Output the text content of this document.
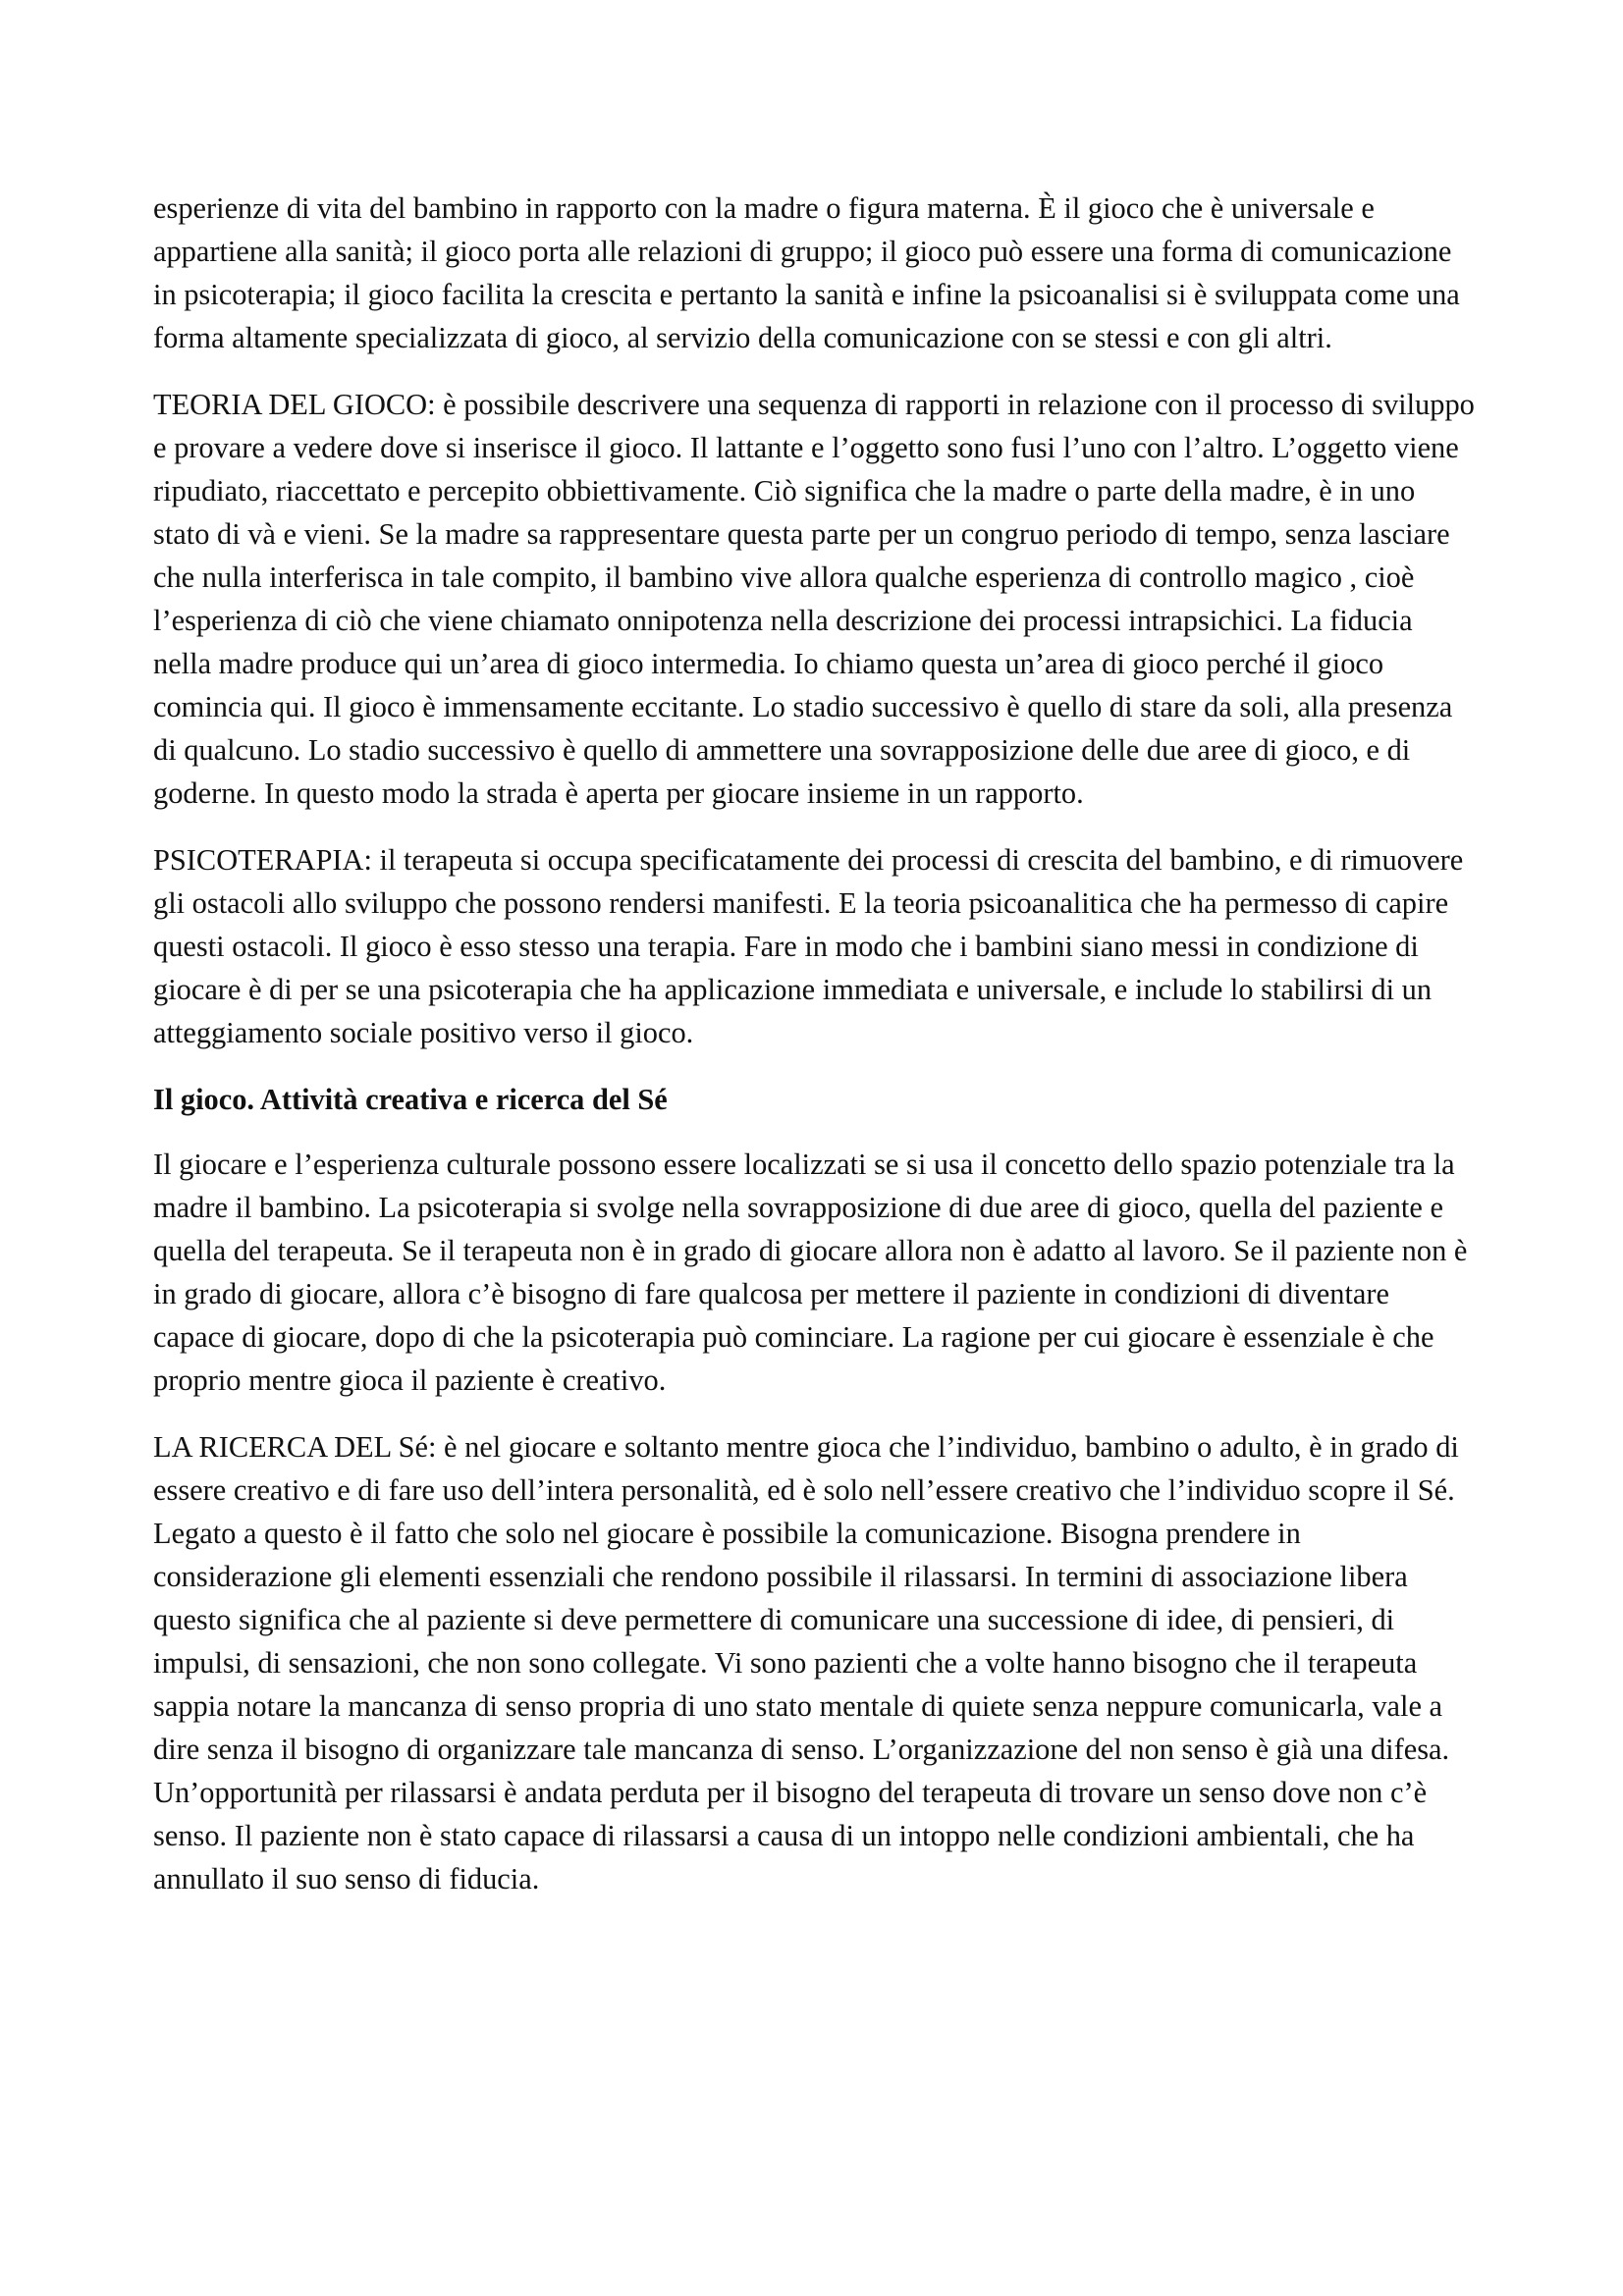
esperienze di vita del bambino in rapporto con la madre o figura materna. È il gioco che è universale e appartiene alla sanità; il gioco porta alle relazioni di gruppo; il gioco può essere una forma di comunicazione in psicoterapia; il gioco facilita la crescita e pertanto la sanità e infine la psicoanalisi si è sviluppata come una forma altamente specializzata di gioco, al servizio della comunicazione con se stessi e con gli altri.

TEORIA DEL GIOCO: è possibile descrivere una sequenza di rapporti in relazione con il processo di sviluppo e provare a vedere dove si inserisce il gioco. Il lattante e l’oggetto sono fusi l’uno con l’altro. L’oggetto viene ripudiato, riaccettato e percepito obbiettivamente. Ciò significa che la madre o parte della madre, è in uno stato di và e vieni. Se la madre sa rappresentare questa parte per un congruo periodo di tempo, senza lasciare che nulla interferisca in tale compito, il bambino vive allora qualche esperienza di controllo magico , cioè l’esperienza di ciò che viene chiamato onnipotenza nella descrizione dei processi intrapsichici. La fiducia nella madre produce qui un’area di gioco intermedia. Io chiamo questa un’area di gioco perché il gioco comincia qui. Il gioco è immensamente eccitante. Lo stadio successivo è quello di stare da soli, alla presenza di qualcuno. Lo stadio successivo è quello di ammettere una sovrapposizione delle due aree di gioco, e di goderne. In questo modo la strada è aperta per giocare insieme in un rapporto.

PSICOTERAPIA: il terapeuta si occupa specificatamente dei processi di crescita del bambino, e di rimuovere gli ostacoli allo sviluppo che possono rendersi manifesti. E la teoria psicoanalitica che ha permesso di capire questi ostacoli. Il gioco è esso stesso una terapia. Fare in modo che i bambini siano messi in condizione di giocare è di per se una psicoterapia che ha applicazione immediata e universale, e include lo stabilirsi di un atteggiamento sociale positivo verso il gioco.

Il gioco. Attività creativa e ricerca del Sé

Il giocare e l’esperienza culturale possono essere localizzati se si usa il concetto dello spazio potenziale tra la madre il bambino. La psicoterapia si svolge nella sovrapposizione di due aree di gioco, quella del paziente e quella del terapeuta. Se il terapeuta non è in grado di giocare allora non è adatto al lavoro. Se il paziente non è in grado di giocare, allora c’è bisogno di fare qualcosa per mettere il paziente in condizioni di diventare capace di giocare, dopo di che la psicoterapia può cominciare. La ragione per cui giocare è essenziale è che proprio mentre gioca il paziente è creativo.

LA RICERCA DEL Sé: è nel giocare e soltanto mentre gioca che l’individuo, bambino o adulto, è in grado di essere creativo e di fare uso dell’intera personalità, ed è solo nell’essere creativo che l’individuo scopre il Sé. Legato a questo è il fatto che solo nel giocare è possibile la comunicazione. Bisogna prendere in considerazione gli elementi essenziali che rendono possibile il rilassarsi. In termini di associazione libera questo significa che al paziente si deve permettere di comunicare una successione di idee, di pensieri, di impulsi, di sensazioni, che non sono collegate. Vi sono pazienti che a volte hanno bisogno che il terapeuta sappia notare la mancanza di senso propria di uno stato mentale di quiete senza neppure comunicarla, vale a dire senza il bisogno di organizzare tale mancanza di senso. L’organizzazione del non senso è già una difesa. Un’opportunità per rilassarsi è andata perduta per il bisogno del terapeuta di trovare un senso dove non c’è senso. Il paziente non è stato capace di rilassarsi a causa di un intoppo nelle condizioni ambientali, che ha annullato il suo senso di fiducia.
